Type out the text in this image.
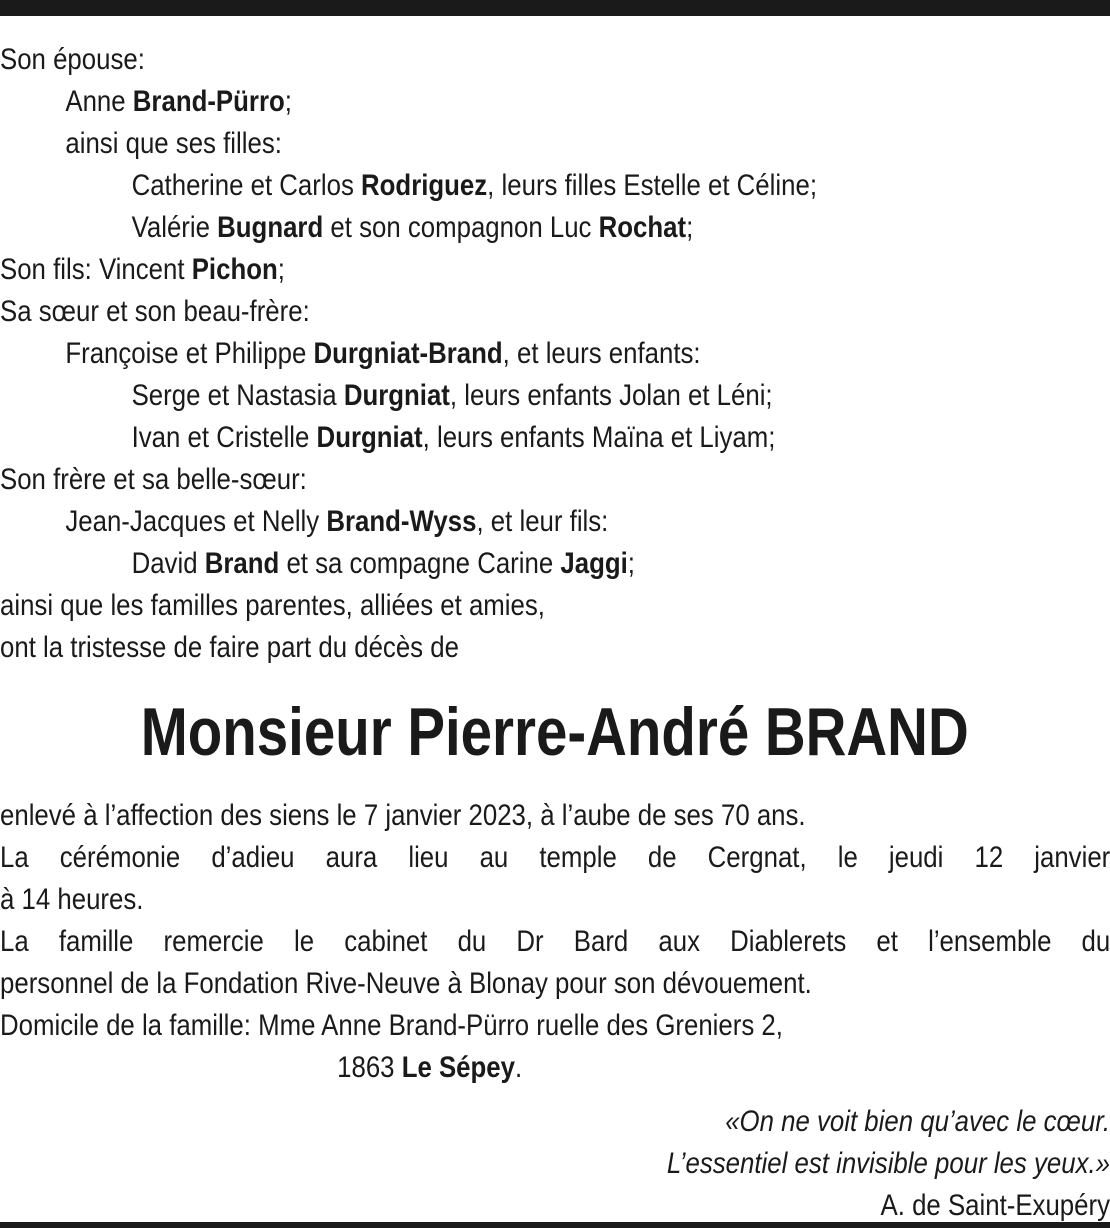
Son épouse:
Anne Brand-Pürro;
ainsi que ses filles:
Catherine et Carlos Rodriguez, leurs filles Estelle et Céline;
Valérie Bugnard et son compagnon Luc Rochat;
Son fils: Vincent Pichon;
Sa sœur et son beau-frère:
Françoise et Philippe Durgniat-Brand, et leurs enfants:
Serge et Nastasia Durgniat, leurs enfants Jolan et Léni;
Ivan et Cristelle Durgniat, leurs enfants Maïna et Liyam;
Son frère et sa belle-sœur:
Jean-Jacques et Nelly Brand-Wyss, et leur fils:
David Brand et sa compagne Carine Jaggi;
ainsi que les familles parentes, alliées et amies,
ont la tristesse de faire part du décès de
Monsieur Pierre-André BRAND
enlevé à l’affection des siens le 7 janvier 2023, à l’aube de ses 70 ans.
La cérémonie d’adieu aura lieu au temple de Cergnat, le jeudi 12 janvier
à 14 heures.
La famille remercie le cabinet du Dr Bard aux Diablerets et l’ensemble du
personnel de la Fondation Rive-Neuve à Blonay pour son dévouement.
Domicile de la famille: Mme Anne Brand-Pürro ruelle des Greniers 2,
1863 Le Sépey.
«On ne voit bien qu’avec le cœur.
L’essentiel est invisible pour les yeux.»
A. de Saint-Exupéry
